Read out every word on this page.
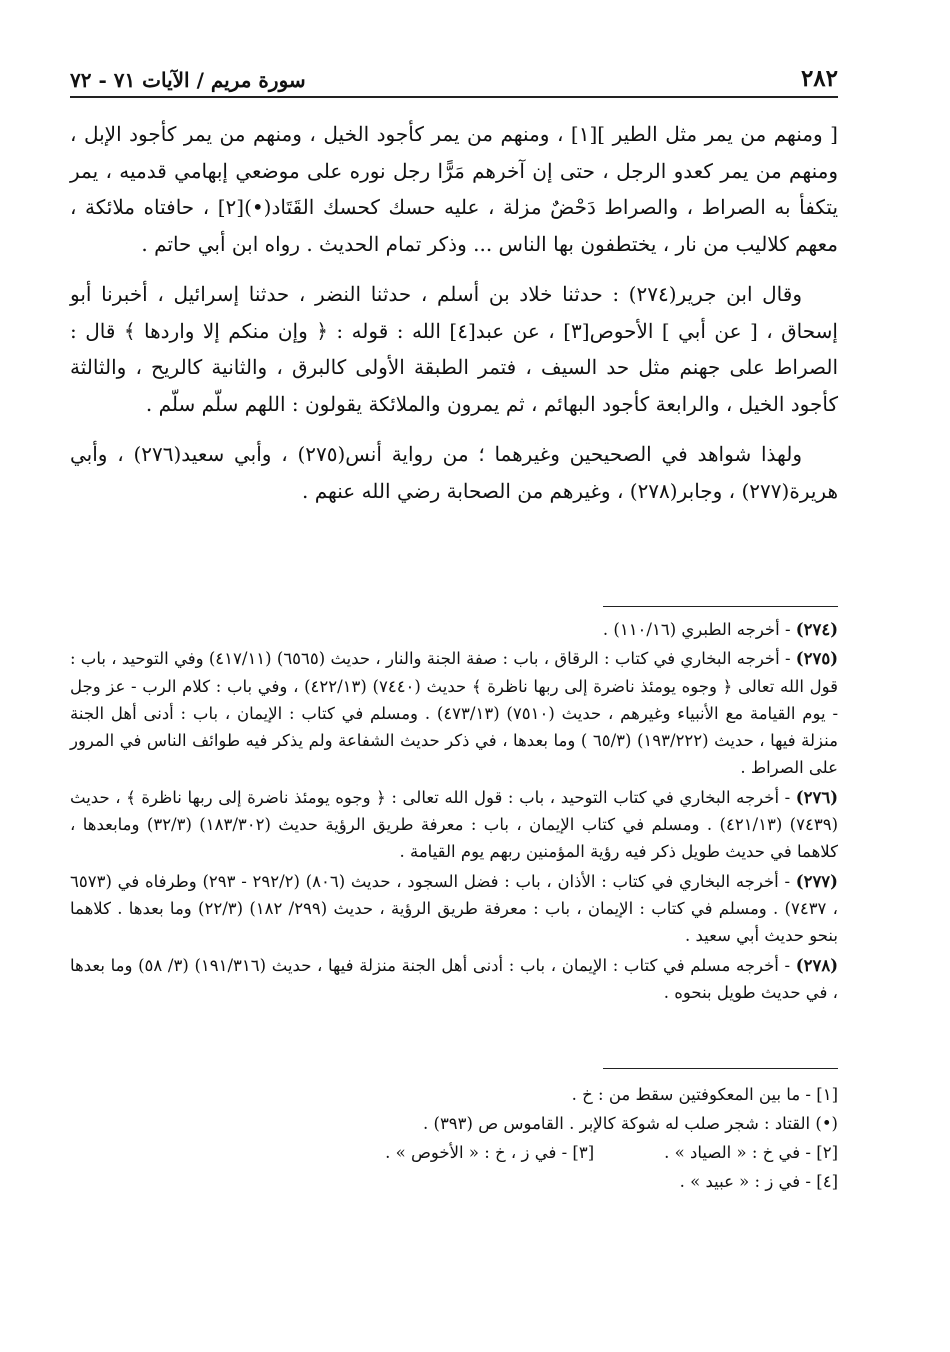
٢٨٢
سورة مريم / الآيات ٧١ - ٧٢

[ ومنهم من يمر مثل الطير ][١] ، ومنهم من يمر كأجود الخيل ، ومنهم من يمر كأجود الإبل ، ومنهم من يمر كعدو الرجل ، حتى إن آخرهم مَرًّا رجل نوره على موضعي إبهامي قدميه ، يمر يتكفأ به الصراط ، والصراط دَحْضٌ مزلة ، عليه حسك كحسك القَتَاد(•)[٢] ، حافتاه ملائكة ، معهم كلاليب من نار ، يختطفون بها الناس ... وذكر تمام الحديث . رواه ابن أبي حاتم .

وقال ابن جرير(٢٧٤) : حدثنا خلاد بن أسلم ، حدثنا النضر ، حدثنا إسرائيل ، أخبرنا أبو إسحاق ، [ عن أبي ] الأحوص[٣] ، عن عبد[٤] الله : قوله : ﴿ وإن منكم إلا واردها ﴾ قال : الصراط على جهنم مثل حد السيف ، فتمر الطبقة الأولى كالبرق ، والثانية كالريح ، والثالثة كأجود الخيل ، والرابعة كأجود البهائم ، ثم يمرون والملائكة يقولون : اللهم سلّم سلّم .

ولهذا شواهد في الصحيحين وغيرهما ؛ من رواية أنس(٢٧٥) ، وأبي سعيد(٢٧٦) ، وأبي هريرة(٢٧٧) ، وجابر(٢٧٨) ، وغيرهم من الصحابة رضي الله عنهم .

(٢٧٤) - أخرجه الطبري (١١٠/١٦) .

(٢٧٥) - أخرجه البخاري في كتاب : الرقاق ، باب : صفة الجنة والنار ، حديث (٦٥٦٥) (٤١٧/١١) وفي التوحيد ، باب : قول الله تعالى ﴿ وجوه يومئذ ناضرة إلى ربها ناظرة ﴾ حديث (٧٤٤٠) (٤٢٢/١٣) ، وفي باب : كلام الرب - عز وجل - يوم القيامة مع الأنبياء وغيرهم ، حديث (٧٥١٠) (٤٧٣/١٣) . ومسلم في كتاب : الإيمان ، باب : أدنى أهل الجنة منزلة فيها ، حديث (١٩٣/٢٢٢) (٦٥/٣ ) وما بعدها ، في ذكر حديث الشفاعة ولم يذكر فيه طوائف الناس في المرور على الصراط .

(٢٧٦) - أخرجه البخاري في كتاب التوحيد ، باب : قول الله تعالى : ﴿ وجوه يومئذ ناضرة إلى ربها ناظرة ﴾ ، حديث (٧٤٣٩) (٤٢١/١٣) . ومسلم في كتاب الإيمان ، باب : معرفة طريق الرؤية حديث (١٨٣/٣٠٢) (٣٢/٣) ومابعدها ، كلاهما في حديث طويل ذكر فيه رؤية المؤمنين ربهم يوم القيامة .

(٢٧٧) - أخرجه البخاري في كتاب : الأذان ، باب : فضل السجود ، حديث (٨٠٦) (٢٩٢/٢ - ٢٩٣) وطرفاه في (٦٥٧٣ ، ٧٤٣٧) . ومسلم في كتاب : الإيمان ، باب : معرفة طريق الرؤية ، حديث (٢٩٩/ ١٨٢) (٢٢/٣) وما بعدها . كلاهما بنحو حديث أبي سعيد .

(٢٧٨) - أخرجه مسلم في كتاب : الإيمان ، باب : أدنى أهل الجنة منزلة فيها ، حديث (١٩١/٣١٦) (٣/ ٥٨) وما بعدها ، في حديث طويل بنحوه .

[١] - ما بين المعكوفتين سقط من : خ .
(•) القتاد : شجر صلب له شوكة كالإبر . القاموس ص (٣٩٣) .
[٢] - في خ : « الصياد » .
[٣] - في ز ، خ : « الأخوص » .
[٤] - في ز : « عبيد » .
